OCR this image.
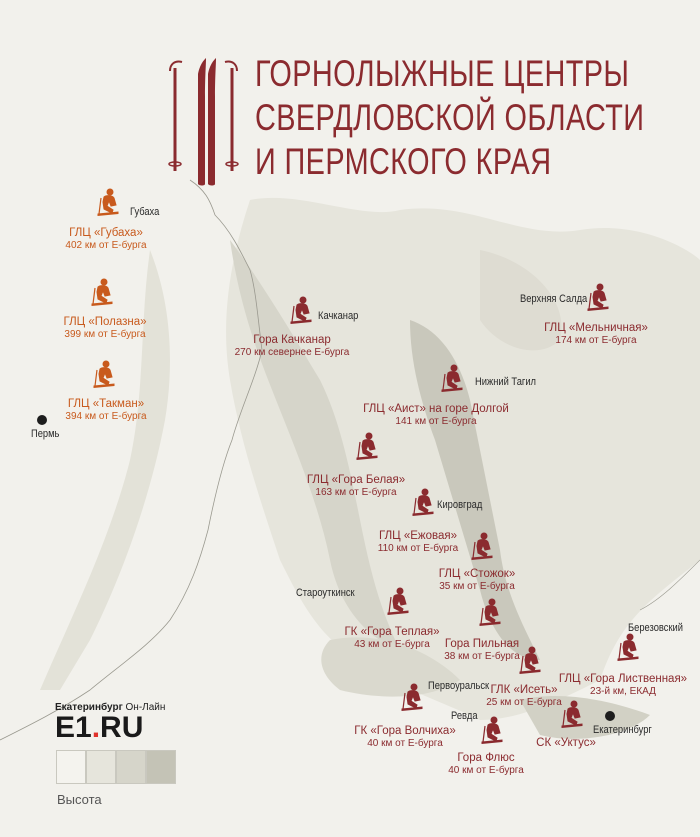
ГОРНОЛЫЖНЫЕ ЦЕНТРЫ
СВЕРДЛОВСКОЙ ОБЛАСТИ
И ПЕРМСКОГО КРАЯ
Губаха
Пермь
Качканар
Верхняя Салда
Нижний Тагил
Кировград
Староуткинск
Березовский
Первоуральск
Ревда
Екатеринбург
ГЛЦ «Губаха»
402 км от Е-бурга
ГЛЦ «Полазна»
399 км от Е-бурга
ГЛЦ «Такман»
394 км от Е-бурга
Гора Качканар
270 км севернее Е-бурга
ГЛЦ «Мельничная»
174 км от Е-бурга
ГЛЦ «Аист» на горе Долгой
141 км от Е-бурга
ГЛЦ «Гора Белая»
163 км от Е-бурга
ГЛЦ «Ежовая»
110 км от Е-бурга
ГЛЦ «Стожок»
35 км от Е-бурга
ГК «Гора Теплая»
43 км от Е-бурга	Гора Пильная
38 км от Е-бурга
ГЛЦ «Гора Лиственная»
23-й км, ЕКАД
ГЛК «Исеть»
25 км от Е-бурга
ГК «Гора Волчиха»
40 км от Е-бурга
Гора Флюс
40 км от Е-бурга
СК «Уктус»
Екатеринбург Он-Лайн
E1.RU
Высота
